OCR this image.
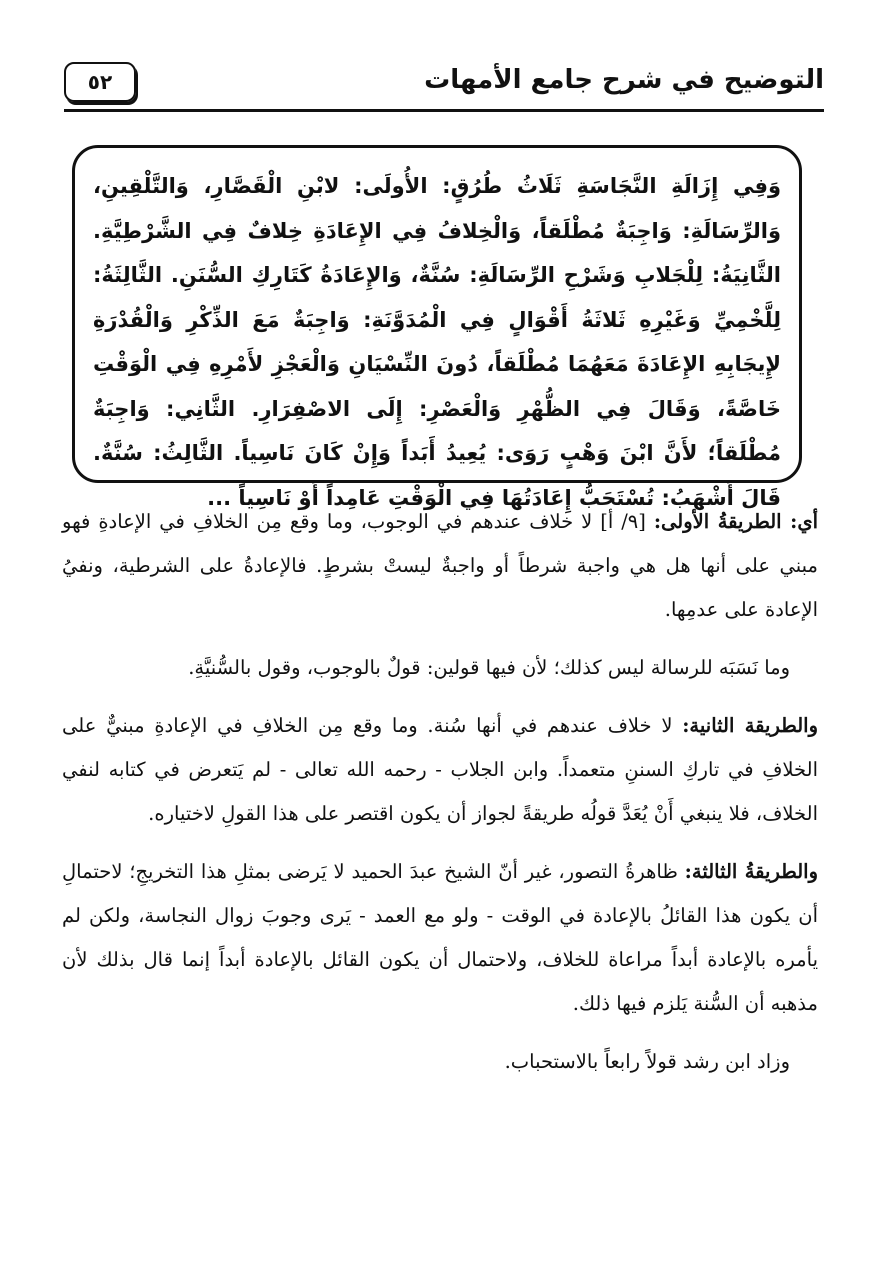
التوضيح في شرح جامع الأمهات
٥٢

وَفِي إِزَالَةِ النَّجَاسَةِ ثَلَاثُ طُرُقٍ: الأُولَى: لابْنِ الْقَصَّارِ، وَالتَّلْقِينِ، وَالرِّسَالَةِ: وَاجِبَةٌ مُطْلَقاً، وَالْخِلافُ فِي الإِعَادَةِ خِلافٌ فِي الشَّرْطِيَّةِ. الثَّانِيَةُ: لِلْجَلابِ وَشَرْحِ الرِّسَالَةِ: سُنَّةٌ، وَالإِعَادَةُ كَتَارِكِ السُّنَنِ. الثَّالِثَةُ: لِلَّخْمِيِّ وَغَيْرِهِ ثَلاثَةُ أَقْوَالٍ فِي الْمُدَوَّنَةِ: وَاجِبَةٌ مَعَ الذِّكْرِ وَالْقُدْرَةِ لإِيجَابِهِ الإِعَادَةَ مَعَهُمَا مُطْلَقاً، دُونَ النِّسْيَانِ وَالْعَجْزِ لأَمْرِهِ فِي الْوَقْتِ خَاصَّةً، وَقَالَ فِي الظُّهْرِ وَالْعَصْرِ: إِلَى الاصْفِرَارِ. الثَّانِي: وَاجِبَةٌ مُطْلَقاً؛ لأَنَّ ابْنَ وَهْبٍ رَوَى: يُعِيدُ أَبَداً وَإِنْ كَانَ نَاسِياً. الثَّالِثُ: سُنَّةٌ. قَالَ أَشْهَبُ: تُسْتَحَبُّ إِعَادَتُهَا فِي الْوَقْتِ عَامِداً أَوْ نَاسِياً ...

أي: الطريقةُ الأولى: [٩/ أ] لا خلاف عندهم في الوجوب، وما وقع مِن الخلافِ في الإعادةِ فهو مبني على أنها هل هي واجبة شرطاً أو واجبةٌ ليستْ بشرطٍ. فالإعادةُ على الشرطية، ونفيُ الإعادة على عدمِها.

وما نَسَبَه للرسالة ليس كذلك؛ لأن فيها قولين: قولٌ بالوجوب، وقول بالسُّنيَّةِ.

والطريقة الثانية: لا خلاف عندهم في أنها سُنة. وما وقع مِن الخلافِ في الإعادةِ مبنيٌّ على الخلافِ في تاركِ السننِ متعمداً. وابن الجلاب - رحمه الله تعالى - لم يَتعرض في كتابه لنفي الخلاف، فلا ينبغي أَنْ يُعَدَّ قولُه طريقةً لجواز أن يكون اقتصر على هذا القولِ لاختياره.

والطريقةُ الثالثة: ظاهرةُ التصور، غير أنّ الشيخ عبدَ الحميد لا يَرضى بمثلِ هذا التخريجِ؛ لاحتمالِ أن يكون هذا القائلُ بالإعادة في الوقت - ولو مع العمد - يَرى وجوبَ زوال النجاسة، ولكن لم يأمره بالإعادة أبداً مراعاة للخلاف، ولاحتمال أن يكون القائل بالإعادة أبداً إنما قال بذلك لأن مذهبه أن السُّنة يَلزم فيها ذلك.

وزاد ابن رشد قولاً رابعاً بالاستحباب.
